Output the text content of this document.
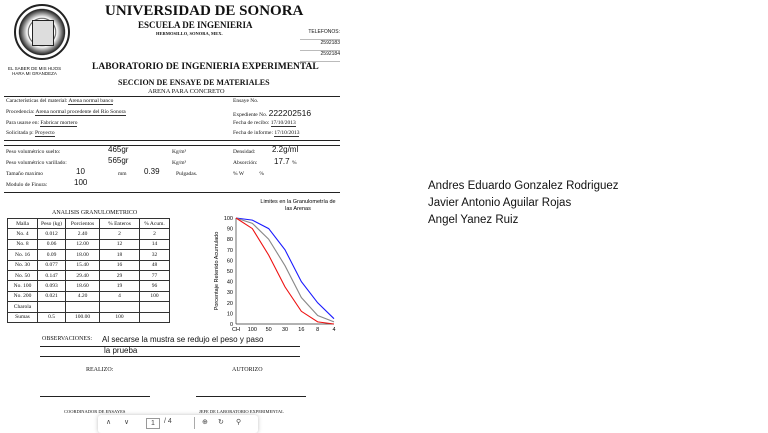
UNIVERSIDAD DE SONORA
ESCUELA DE INGENIERIA
HERMOSILLO, SONORA, MEX.	TELEFONOS:
2592183
2592184
EL SABER DE MIS HIJOS
HARA MI GRANDEZA
LABORATORIO DE INGENIERIA EXPERIMENTAL
SECCION DE ENSAYE DE MATERIALES
ARENA PARA CONCRETO
Características del material: Arena normal banco
Procedencia: Arena normal procedente del Río Sonora
Para usarse en: Fabricar mortero
Solicitada p: Proyecto
Ensaye No.
Expediente No. 222202516
Fecha de recibo: 17/10/2013
Fecha de informe: 17/10/2013
Peso volumétrico suelto:	465gr	Kg/m³
Peso volumétrico varillado:	565gr	Kg/m³
Tamaño maximo	10	mm 0.39	Pulgadas.
Modulo de Finura:	100
Densidad: 2.2g/ml
Absorción: 17.7 %
% W	%
ANALISIS GRANULOMETRICO
Malla	Peso (kg)	Porcientos	% Enteros	% Acum.
No. 4	0.012	2.40	2	2
No. 8	0.06	12.00	12	14
No. 16	0.09	18.00	18	32
No. 30	0.077	15.40	16	48
No. 50	0.147	29.40	29	77
No. 100	0.093	18.60	19	96
No. 200	0.021	4.20	4	100
Charola				
Sumas	0.5	100.00	100	
Limites en la Granulometría de
las Arenas
Porcentaje Retenido Acumulado
0
10
20
30
40
50
60
70
80
90
100
CH 100 50 30 16 8 4
OBSERVACIONES: Al secarse la mustra se redujo el peso y paso
la prueba
REALIZO:	AUTORIZO
COORDINADOR DE ENSAYES	JEFE DE LABORATORIO EXPERIMENTAL
Andres Eduardo Gonzalez Rodriguez
Javier Antonio Aguilar Rojas
Angel Yanez Ruiz
∧ ∨	1	/ 4	⊕ ↻ ⚲
